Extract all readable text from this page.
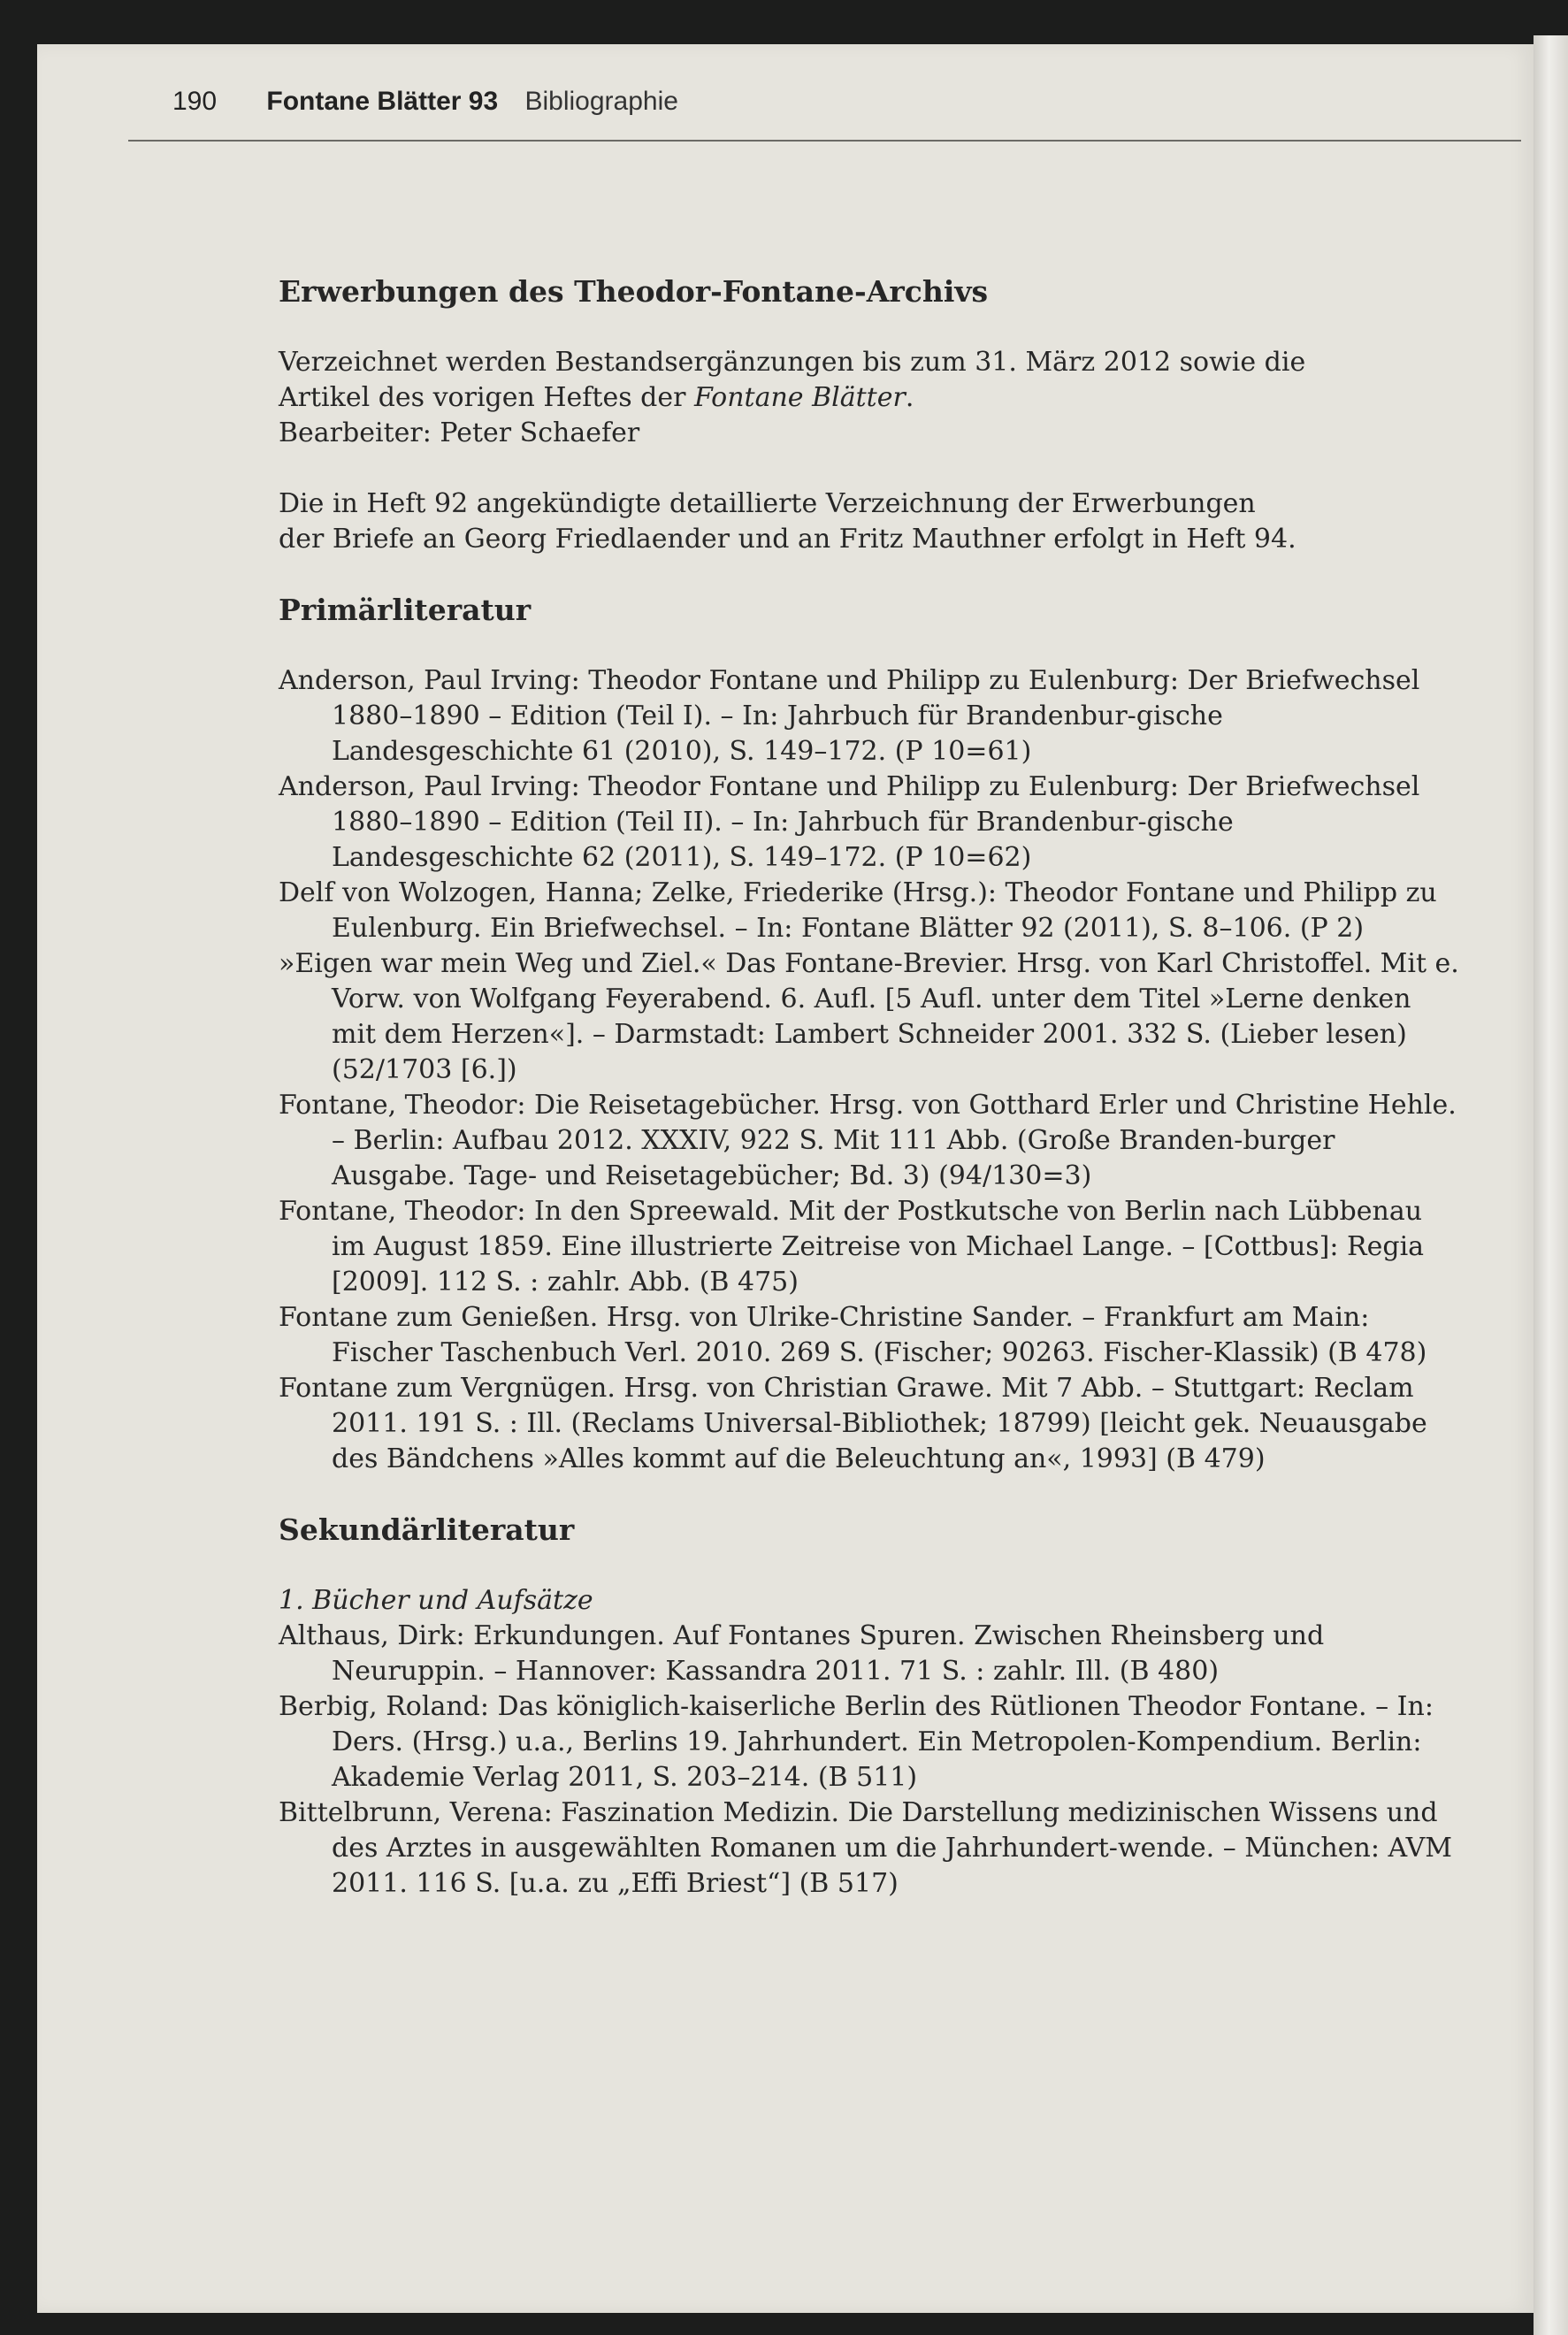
190 Fontane Blätter 93 Bibliographie
Erwerbungen des Theodor-Fontane-Archivs

Verzeichnet werden Bestandsergänzungen bis zum 31. März 2012 sowie die

Artikel des vorigen Heftes der Fontane Blätter.

Bearbeiter: Peter Schaefer

Die in Heft 92 angekündigte detaillierte Verzeichnung der Erwerbungen

der Briefe an Georg Friedlaender und an Fritz Mauthner erfolgt in Heft 94.

Primärliteratur

Anderson, Paul Irving: Theodor Fontane und Philipp zu Eulenburg: Der Briefwechsel 1880–1890 – Edition (Teil I). – In: Jahrbuch für Brandenbur-gische Landesgeschichte 61 (2010), S. 149–172. (P 10=61)

Anderson, Paul Irving: Theodor Fontane und Philipp zu Eulenburg: Der Briefwechsel 1880–1890 – Edition (Teil II). – In: Jahrbuch für Brandenbur-gische Landesgeschichte 62 (2011), S. 149–172. (P 10=62)

Delf von Wolzogen, Hanna; Zelke, Friederike (Hrsg.): Theodor Fontane und Philipp zu Eulenburg. Ein Briefwechsel. – In: Fontane Blätter 92 (2011), S. 8–106. (P 2)

»Eigen war mein Weg und Ziel.« Das Fontane-Brevier. Hrsg. von Karl Christoffel. Mit e. Vorw. von Wolfgang Feyerabend. 6. Aufl. [5 Aufl. unter dem Titel »Lerne denken mit dem Herzen«]. – Darmstadt: Lambert Schneider 2001. 332 S. (Lieber lesen) (52/1703 [6.])

Fontane, Theodor: Die Reisetagebücher. Hrsg. von Gotthard Erler und Christine Hehle. – Berlin: Aufbau 2012. XXXIV, 922 S. Mit 111 Abb. (Große Branden-burger Ausgabe. Tage- und Reisetagebücher; Bd. 3) (94/130=3)

Fontane, Theodor: In den Spreewald. Mit der Postkutsche von Berlin nach Lübbenau im August 1859. Eine illustrierte Zeitreise von Michael Lange. – [Cottbus]: Regia [2009]. 112 S. : zahlr. Abb. (B 475)

Fontane zum Genießen. Hrsg. von Ulrike-Christine Sander. – Frankfurt am Main: Fischer Taschenbuch Verl. 2010. 269 S. (Fischer; 90263. Fischer-Klassik) (B 478)

Fontane zum Vergnügen. Hrsg. von Christian Grawe. Mit 7 Abb. – Stuttgart: Reclam 2011. 191 S. : Ill. (Reclams Universal-Bibliothek; 18799) [leicht gek. Neuausgabe des Bändchens »Alles kommt auf die Beleuchtung an«, 1993] (B 479)

Sekundärliteratur

1. Bücher und Aufsätze

Althaus, Dirk: Erkundungen. Auf Fontanes Spuren. Zwischen Rheinsberg und Neuruppin. – Hannover: Kassandra 2011. 71 S. : zahlr. Ill. (B 480)

Berbig, Roland: Das königlich-kaiserliche Berlin des Rütlionen Theodor Fontane. – In: Ders. (Hrsg.) u.a., Berlins 19. Jahrhundert. Ein Metropolen-Kompendium. Berlin: Akademie Verlag 2011, S. 203–214. (B 511)

Bittelbrunn, Verena: Faszination Medizin. Die Darstellung medizinischen Wissens und des Arztes in ausgewählten Romanen um die Jahrhundert-wende. – München: AVM 2011. 116 S. [u.a. zu „Effi Briest“] (B 517)
